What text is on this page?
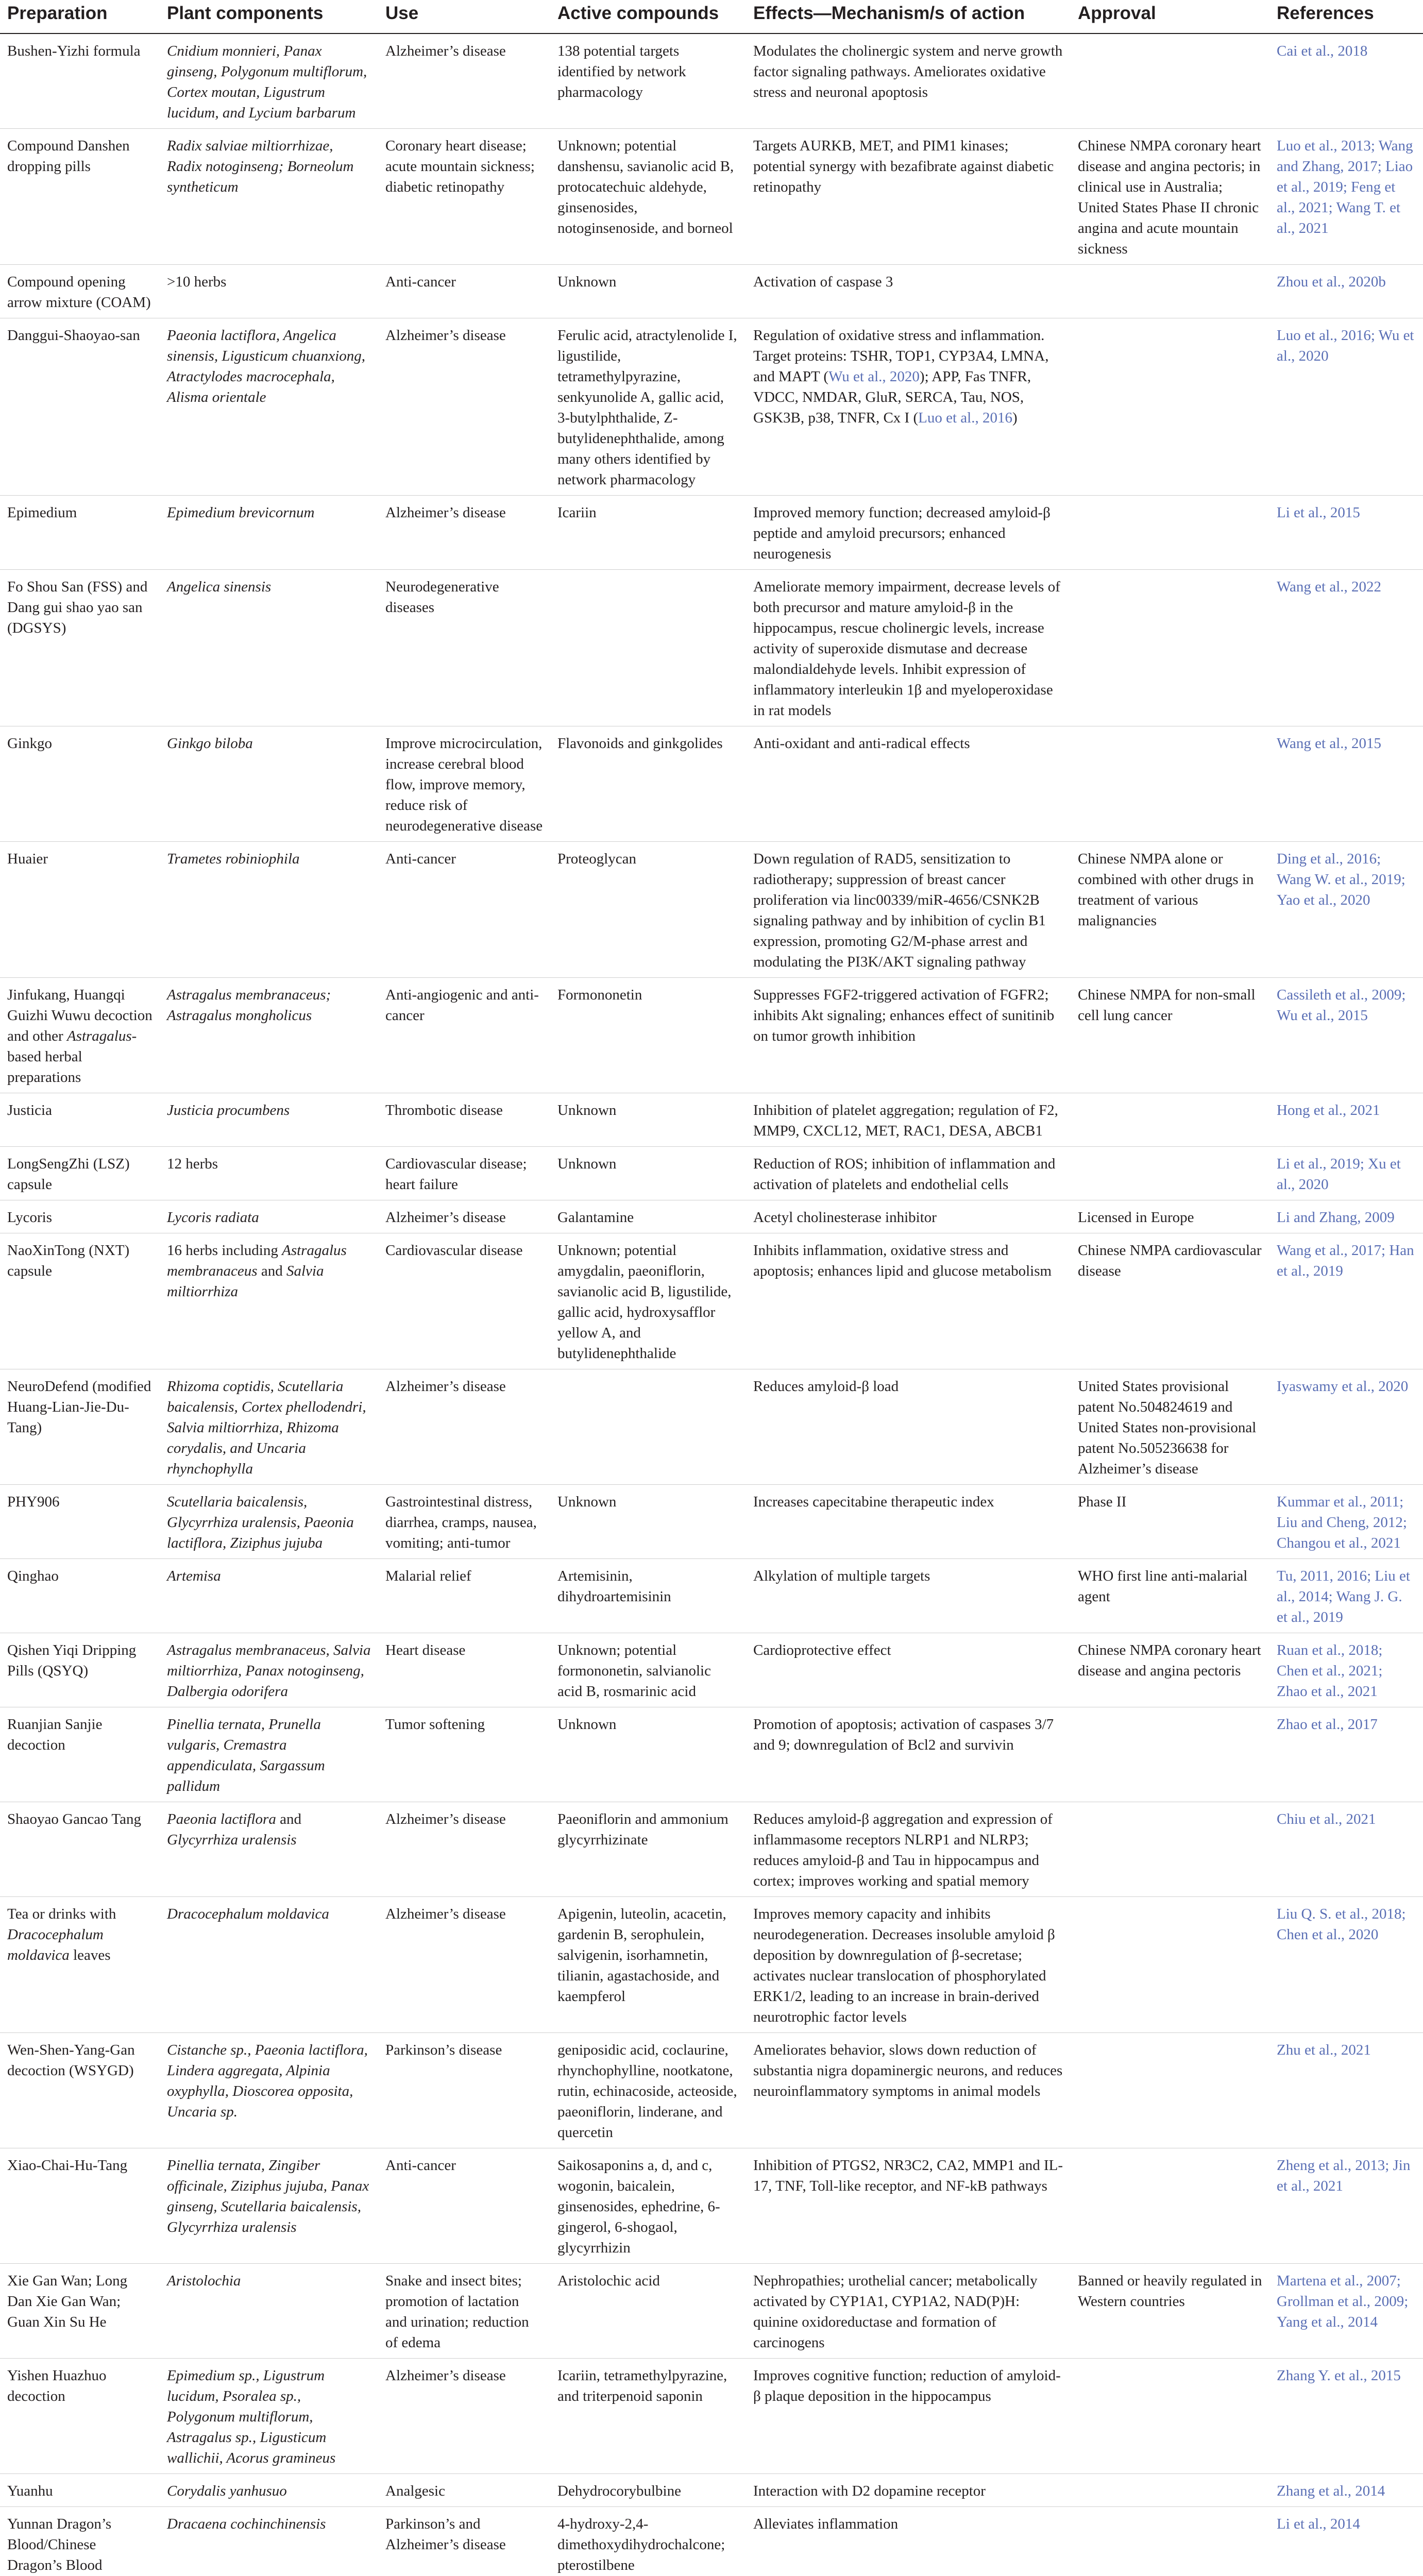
Preparation	Plant components	Use	Active compounds	Effects—Mechanism/s of action	Approval	References
Bushen-Yizhi formula	Cnidium monnieri, Panax ginseng, Polygonum multiflorum, Cortex moutan, Ligustrum lucidum, and Lycium barbarum	Alzheimer’s disease	138 potential targets identified by network pharmacology	Modulates the cholinergic system and nerve growth factor signaling pathways. Ameliorates oxidative stress and neuronal apoptosis		Cai et al., 2018
Compound Danshen dropping pills	Radix salviae miltiorrhizae, Radix notoginseng; Borneolum syntheticum	Coronary heart disease; acute mountain sickness; diabetic retinopathy	Unknown; potential danshensu, savianolic acid B, protocatechuic aldehyde, ginsenosides, notoginsenoside, and borneol	Targets AURKB, MET, and PIM1 kinases; potential synergy with bezafibrate against diabetic retinopathy	Chinese NMPA coronary heart disease and angina pectoris; in clinical use in Australia; United States Phase II chronic angina and acute mountain sickness	Luo et al., 2013; Wang and Zhang, 2017; Liao et al., 2019; Feng et al., 2021; Wang T. et al., 2021
Compound opening arrow mixture (COAM)	>10 herbs	Anti-cancer	Unknown	Activation of caspase 3		Zhou et al., 2020b
Danggui-Shaoyao-san	Paeonia lactiflora, Angelica sinensis, Ligusticum chuanxiong, Atractylodes macrocephala, Alisma orientale	Alzheimer’s disease	Ferulic acid, atractylenolide I, ligustilide, tetramethylpyrazine, senkyunolide A, gallic acid, 3-butylphthalide, Z-butylidenephthalide, among many others identified by network pharmacology	Regulation of oxidative stress and inflammation. Target proteins: TSHR, TOP1, CYP3A4, LMNA, and MAPT (Wu et al., 2020); APP, Fas TNFR, VDCC, NMDAR, GluR, SERCA, Tau, NOS, GSK3B, p38, TNFR, Cx I (Luo et al., 2016)		Luo et al., 2016; Wu et al., 2020
Epimedium	Epimedium brevicornum	Alzheimer’s disease	Icariin	Improved memory function; decreased amyloid-β peptide and amyloid precursors; enhanced neurogenesis		Li et al., 2015
Fo Shou San (FSS) and Dang gui shao yao san (DGSYS)	Angelica sinensis	Neurodegenerative diseases		Ameliorate memory impairment, decrease levels of both precursor and mature amyloid-β in the hippocampus, rescue cholinergic levels, increase activity of superoxide dismutase and decrease malondialdehyde levels. Inhibit expression of inflammatory interleukin 1β and myeloperoxidase in rat models		Wang et al., 2022
Ginkgo	Ginkgo biloba	Improve microcirculation, increase cerebral blood flow, improve memory, reduce risk of neurodegenerative disease	Flavonoids and ginkgolides	Anti-oxidant and anti-radical effects		Wang et al., 2015
Huaier	Trametes robiniophila	Anti-cancer	Proteoglycan	Down regulation of RAD5, sensitization to radiotherapy; suppression of breast cancer proliferation via linc00339/miR-4656/CSNK2B signaling pathway and by inhibition of cyclin B1 expression, promoting G2/M-phase arrest and modulating the PI3K/AKT signaling pathway	Chinese NMPA alone or combined with other drugs in treatment of various malignancies	Ding et al., 2016; Wang W. et al., 2019; Yao et al., 2020
Jinfukang, Huangqi Guizhi Wuwu decoction and other Astragalus-based herbal preparations	Astragalus membranaceus; Astragalus mongholicus	Anti-angiogenic and anti-cancer	Formononetin	Suppresses FGF2-triggered activation of FGFR2; inhibits Akt signaling; enhances effect of sunitinib on tumor growth inhibition	Chinese NMPA for non-small cell lung cancer	Cassileth et al., 2009; Wu et al., 2015
Justicia	Justicia procumbens	Thrombotic disease	Unknown	Inhibition of platelet aggregation; regulation of F2, MMP9, CXCL12, MET, RAC1, DESA, ABCB1		Hong et al., 2021
LongSengZhi (LSZ) capsule	12 herbs	Cardiovascular disease; heart failure	Unknown	Reduction of ROS; inhibition of inflammation and activation of platelets and endothelial cells		Li et al., 2019; Xu et al., 2020
Lycoris	Lycoris radiata	Alzheimer’s disease	Galantamine	Acetyl cholinesterase inhibitor	Licensed in Europe	Li and Zhang, 2009
NaoXinTong (NXT) capsule	16 herbs including Astragalus membranaceus and Salvia miltiorrhiza	Cardiovascular disease	Unknown; potential amygdalin, paeoniflorin, savianolic acid B, ligustilide, gallic acid, hydroxysafflor yellow A, and butylidenephthalide	Inhibits inflammation, oxidative stress and apoptosis; enhances lipid and glucose metabolism	Chinese NMPA cardiovascular disease	Wang et al., 2017; Han et al., 2019
NeuroDefend (modified Huang-Lian-Jie-Du-Tang)	Rhizoma coptidis, Scutellaria baicalensis, Cortex phellodendri, Salvia miltiorrhiza, Rhizoma corydalis, and Uncaria rhynchophylla	Alzheimer’s disease		Reduces amyloid-β load	United States provisional patent No.504824619 and United States non-provisional patent No.505236638 for Alzheimer’s disease	Iyaswamy et al., 2020
PHY906	Scutellaria baicalensis, Glycyrrhiza uralensis, Paeonia lactiflora, Ziziphus jujuba	Gastrointestinal distress, diarrhea, cramps, nausea, vomiting; anti-tumor	Unknown	Increases capecitabine therapeutic index	Phase II	Kummar et al., 2011; Liu and Cheng, 2012; Changou et al., 2021
Qinghao	Artemisa	Malarial relief	Artemisinin, dihydroartemisinin	Alkylation of multiple targets	WHO first line anti-malarial agent	Tu, 2011, 2016; Liu et al., 2014; Wang J. G. et al., 2019
Qishen Yiqi Dripping Pills (QSYQ)	Astragalus membranaceus, Salvia miltiorrhiza, Panax notoginseng, Dalbergia odorifera	Heart disease	Unknown; potential formononetin, salvianolic acid B, rosmarinic acid	Cardioprotective effect	Chinese NMPA coronary heart disease and angina pectoris	Ruan et al., 2018; Chen et al., 2021; Zhao et al., 2021
Ruanjian Sanjie decoction	Pinellia ternata, Prunella vulgaris, Cremastra appendiculata, Sargassum pallidum	Tumor softening	Unknown	Promotion of apoptosis; activation of caspases 3/7 and 9; downregulation of Bcl2 and survivin		Zhao et al., 2017
Shaoyao Gancao Tang	Paeonia lactiflora and Glycyrrhiza uralensis	Alzheimer’s disease	Paeoniflorin and ammonium glycyrrhizinate	Reduces amyloid-β aggregation and expression of inflammasome receptors NLRP1 and NLRP3; reduces amyloid-β and Tau in hippocampus and cortex; improves working and spatial memory		Chiu et al., 2021
Tea or drinks with Dracocephalum moldavica leaves	Dracocephalum moldavica	Alzheimer’s disease	Apigenin, luteolin, acacetin, gardenin B, serophulein, salvigenin, isorhamnetin, tilianin, agastachoside, and kaempferol	Improves memory capacity and inhibits neurodegeneration. Decreases insoluble amyloid β deposition by downregulation of β-secretase; activates nuclear translocation of phosphorylated ERK1/2, leading to an increase in brain-derived neurotrophic factor levels		Liu Q. S. et al., 2018; Chen et al., 2020
Wen-Shen-Yang-Gan decoction (WSYGD)	Cistanche sp., Paeonia lactiflora, Lindera aggregata, Alpinia oxyphylla, Dioscorea opposita, Uncaria sp.	Parkinson’s disease	geniposidic acid, coclaurine, rhynchophylline, nootkatone, rutin, echinacoside, acteoside, paeoniflorin, linderane, and quercetin	Ameliorates behavior, slows down reduction of substantia nigra dopaminergic neurons, and reduces neuroinflammatory symptoms in animal models		Zhu et al., 2021
Xiao-Chai-Hu-Tang	Pinellia ternata, Zingiber officinale, Ziziphus jujuba, Panax ginseng, Scutellaria baicalensis, Glycyrrhiza uralensis	Anti-cancer	Saikosaponins a, d, and c, wogonin, baicalein, ginsenosides, ephedrine, 6-gingerol, 6-shogaol, glycyrrhizin	Inhibition of PTGS2, NR3C2, CA2, MMP1 and IL-17, TNF, Toll-like receptor, and NF-kB pathways		Zheng et al., 2013; Jin et al., 2021
Xie Gan Wan; Long Dan Xie Gan Wan; Guan Xin Su He	Aristolochia	Snake and insect bites; promotion of lactation and urination; reduction of edema	Aristolochic acid	Nephropathies; urothelial cancer; metabolically activated by CYP1A1, CYP1A2, NAD(P)H: quinine oxidoreductase and formation of carcinogens	Banned or heavily regulated in Western countries	Martena et al., 2007; Grollman et al., 2009; Yang et al., 2014
Yishen Huazhuo decoction	Epimedium sp., Ligustrum lucidum, Psoralea sp., Polygonum multiflorum, Astragalus sp., Ligusticum wallichii, Acorus gramineus	Alzheimer’s disease	Icariin, tetramethylpyrazine, and triterpenoid saponin	Improves cognitive function; reduction of amyloid-β plaque deposition in the hippocampus		Zhang Y. et al., 2015
Yuanhu	Corydalis yanhusuo	Analgesic	Dehydrocorybulbine	Interaction with D2 dopamine receptor		Zhang et al., 2014
Yunnan Dragon’s Blood/Chinese Dragon’s Blood	Dracaena cochinchinensis	Parkinson’s and Alzheimer’s disease	4-hydroxy-2,4-dimethoxydihydrochalcone; pterostilbene	Alleviates inflammation		Li et al., 2014
